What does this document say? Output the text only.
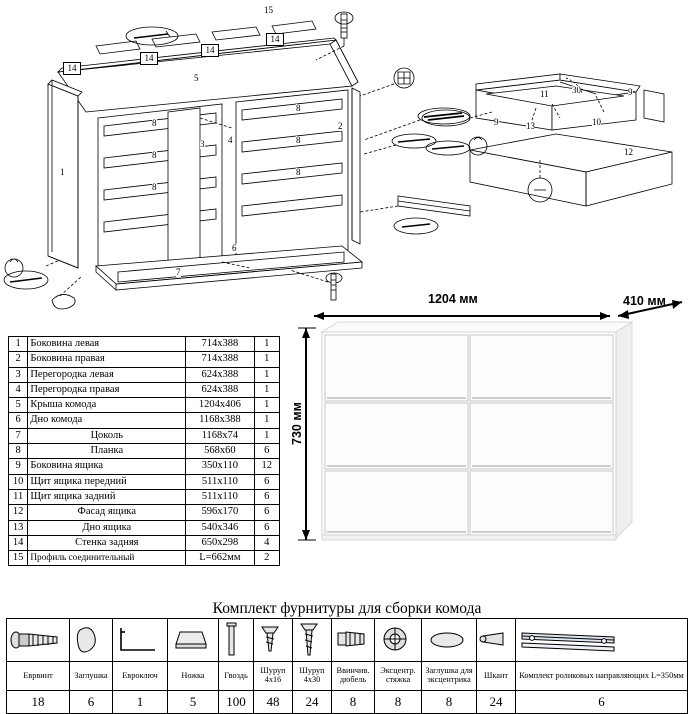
15
14
14
14
14
5
8
8
8
8
8
8
3	4
2
1
6
7
9
9
11	30
13	10
12
1	Боковина левая	714х388	1
2	Боковина правая	714х388	1
3	Перегородка левая	624х388	1
4	Перегородка правая	624х388	1
5	Крыша комода	1204х406	1
6	Дно комода	1168х388	1
7	Цоколь	1168х74	1
8	Планка	568х60	6
9	Боковина ящика	350х110	12
10	Щит ящика передний	511х110	6
11	Щит ящика задний	511х110	6
12	Фасад ящика	596х170	6
13	Дно ящика	540х346	6
14	Стенка задняя	650х298	4
15	Профиль соединительный	L=662мм	2
1204 мм	410 мм
730 мм
Комплект фурнитуры для сборки комода

Еврвинт	Заглушка	Евроключ	Ножка	Гвоздь	Шуруп 4х16	Шуруп 4х30	Ввинчив. дюбель	Эксцентр. стяжка	Заглушка для эксцентрика	Шкант	Комплект роликовых направляющих L=350мм
18	6	1	5	100	48	24	8	8	8	24	6
